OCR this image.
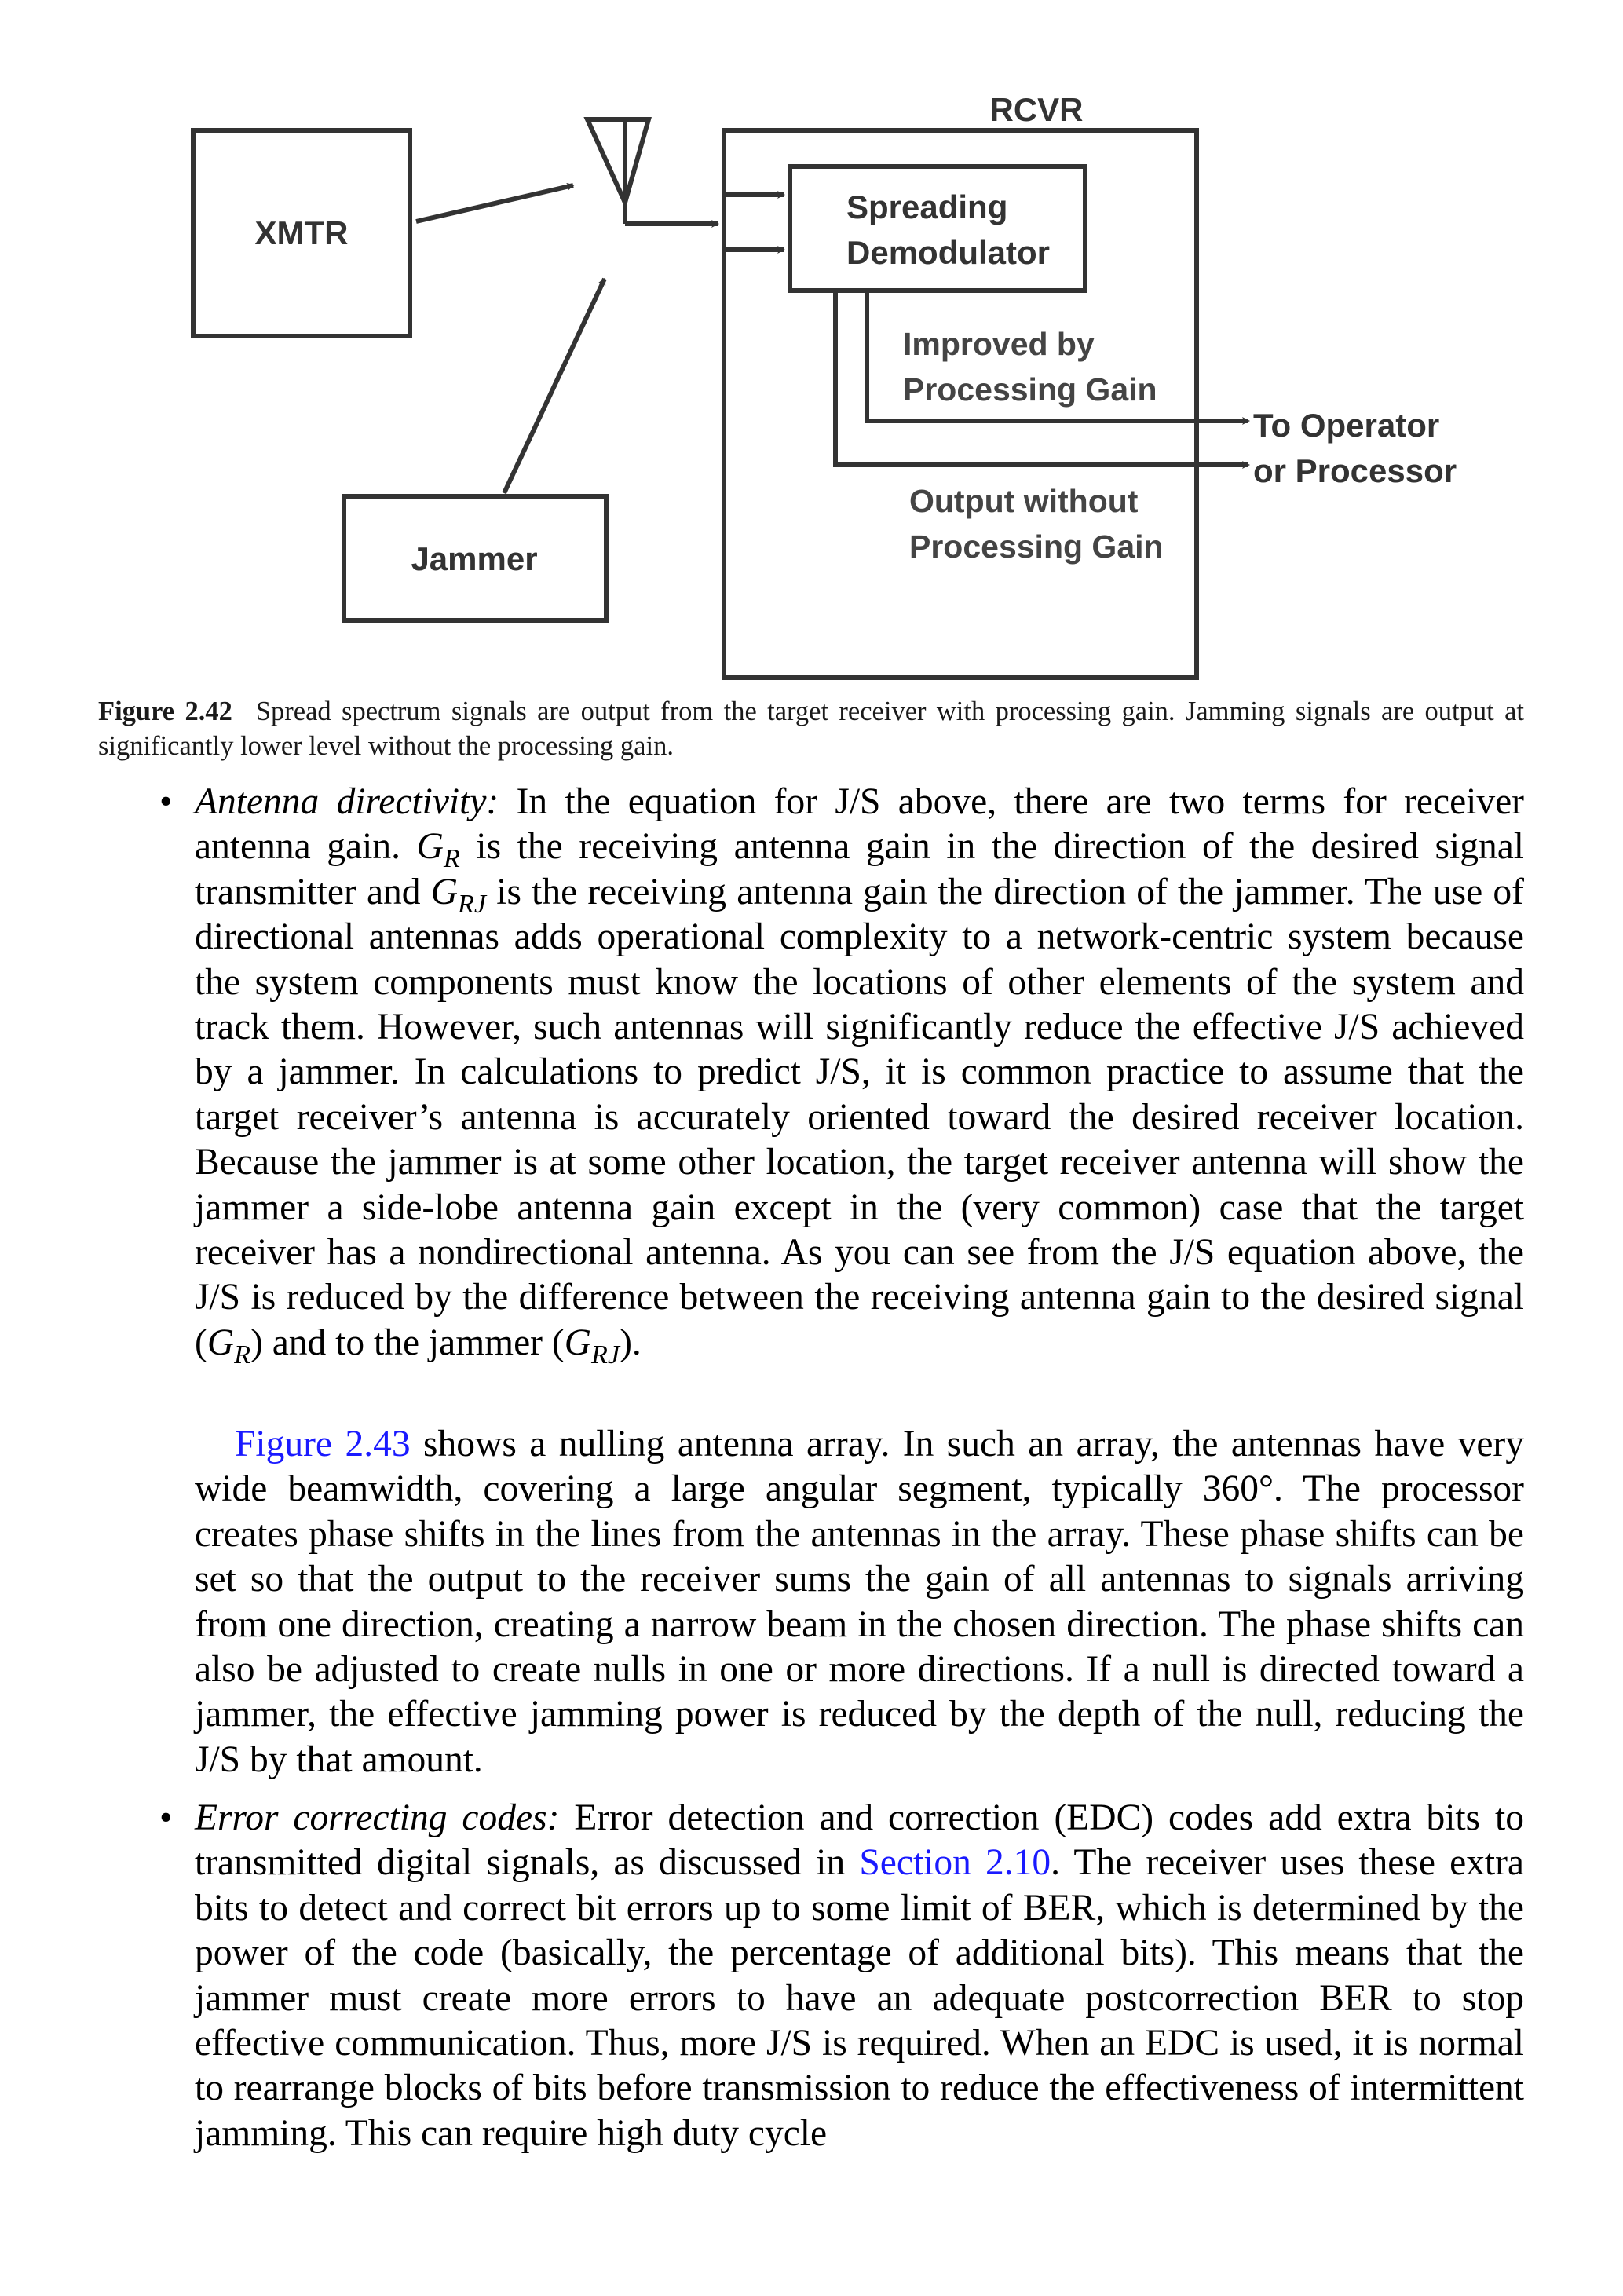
XMTR
Jammer
RCVR
Spreading
Demodulator
Improved by
Processing Gain
Output without
Processing Gain
To Operator
or Processor
Figure 2.42 Spread spectrum signals are output from the target receiver with processing gain. Jamming signals are output at significantly lower level without the processing gain.
• Antenna directivity: In the equation for J/S above, there are two terms for receiver antenna gain. $G_R$ is the receiving antenna gain in the direction of the desired signal transmitter and $G_{RJ}$ is the receiving antenna gain the direction of the jammer. The use of directional antennas adds operational complexity to a network-centric system because the system components must know the locations of other elements of the system and track them. However, such antennas will significantly reduce the effective J/S achieved by a jammer. In calculations to predict J/S, it is common practice to assume that the target receiver’s antenna is accurately oriented toward the desired receiver location. Because the jammer is at some other location, the target receiver antenna will show the jammer a side-lobe antenna gain except in the (very common) case that the target receiver has a nondirectional antenna. As you can see from the J/S equation above, the J/S is reduced by the difference between the receiving antenna gain to the desired signal $(G_R)$ and to the jammer $(G_{RJ})$.
Figure 2.43 shows a nulling antenna array. In such an array, the antennas have very wide beamwidth, covering a large angular segment, typically 360°. The processor creates phase shifts in the lines from the antennas in the array. These phase shifts can be set so that the output to the receiver sums the gain of all antennas to signals arriving from one direction, creating a narrow beam in the chosen direction. The phase shifts can also be adjusted to create nulls in one or more directions. If a null is directed toward a jammer, the effective jamming power is reduced by the depth of the null, reducing the J/S by that amount.
• Error correcting codes: Error detection and correction (EDC) codes add extra bits to transmitted digital signals, as discussed in Section 2.10. The receiver uses these extra bits to detect and correct bit errors up to some limit of BER, which is determined by the power of the code (basically, the percentage of additional bits). This means that the jammer must create more errors to have an adequate postcorrection BER to stop effective communication. Thus, more J/S is required. When an EDC is used, it is normal to rearrange blocks of bits before transmission to reduce the effectiveness of intermittent jamming. This can require high duty cycle
